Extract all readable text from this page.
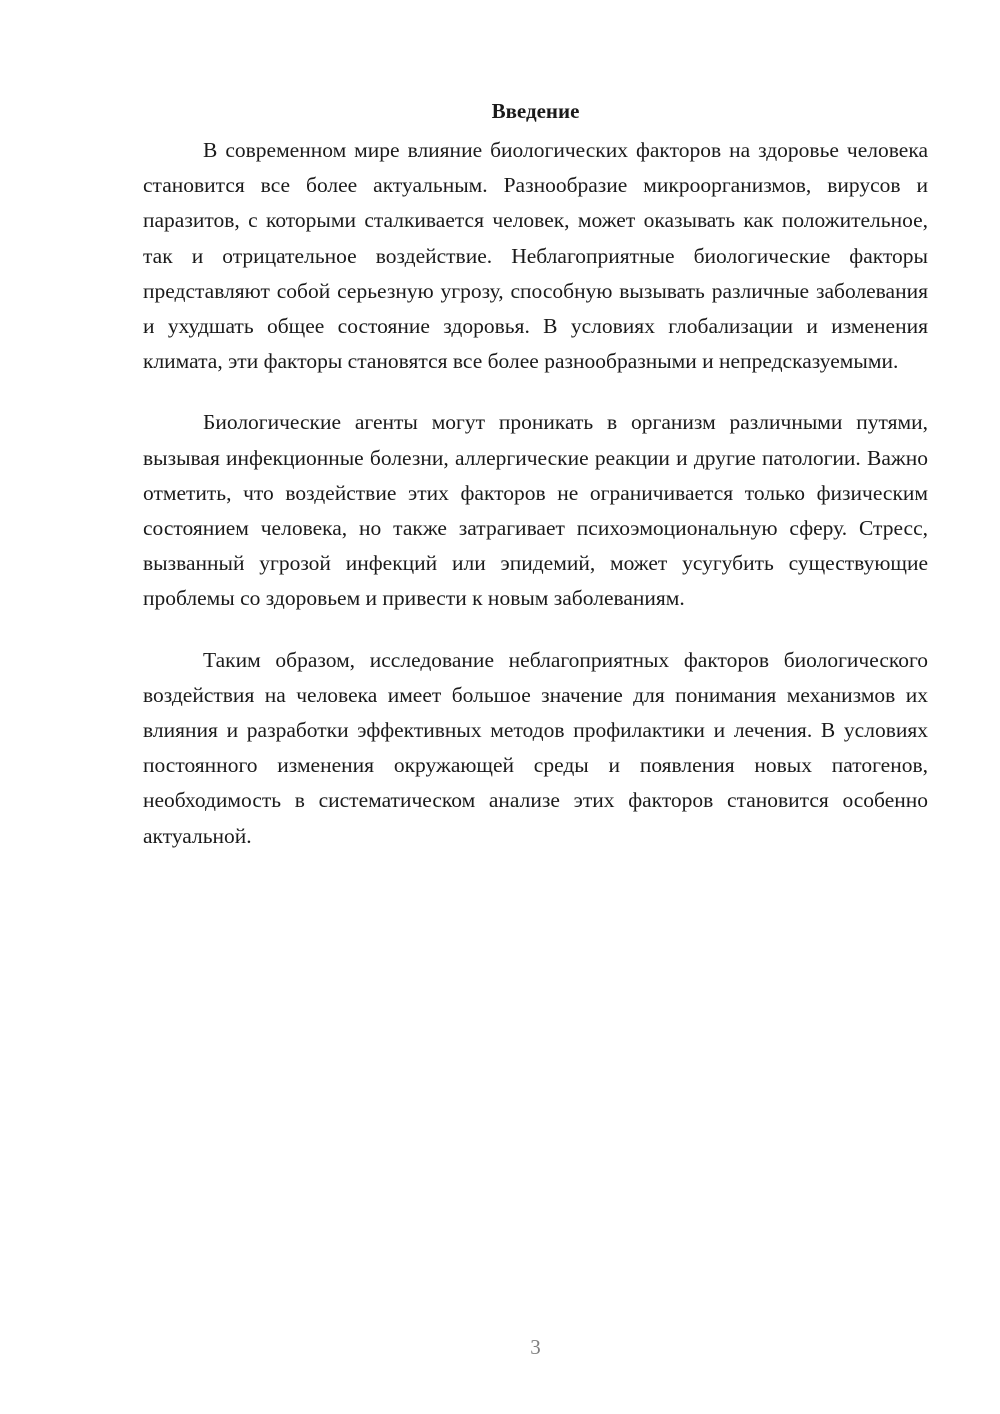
Введение

В современном мире влияние биологических факторов на здоровье человека становится все более актуальным. Разнообразие микроорганизмов, вирусов и паразитов, с которыми сталкивается человек, может оказывать как положительное, так и отрицательное воздействие. Неблагоприятные биологические факторы представляют собой серьезную угрозу, способную вызывать различные заболевания и ухудшать общее состояние здоровья. В условиях глобализации и изменения климата, эти факторы становятся все более разнообразными и непредсказуемыми.

Биологические агенты могут проникать в организм различными путями, вызывая инфекционные болезни, аллергические реакции и другие патологии. Важно отметить, что воздействие этих факторов не ограничивается только физическим состоянием человека, но также затрагивает психоэмоциональную сферу. Стресс, вызванный угрозой инфекций или эпидемий, может усугубить существующие проблемы со здоровьем и привести к новым заболеваниям.

Таким образом, исследование неблагоприятных факторов биологического воздействия на человека имеет большое значение для понимания механизмов их влияния и разработки эффективных методов профилактики и лечения. В условиях постоянного изменения окружающей среды и появления новых патогенов, необходимость в систематическом анализе этих факторов становится особенно актуальной.

3
